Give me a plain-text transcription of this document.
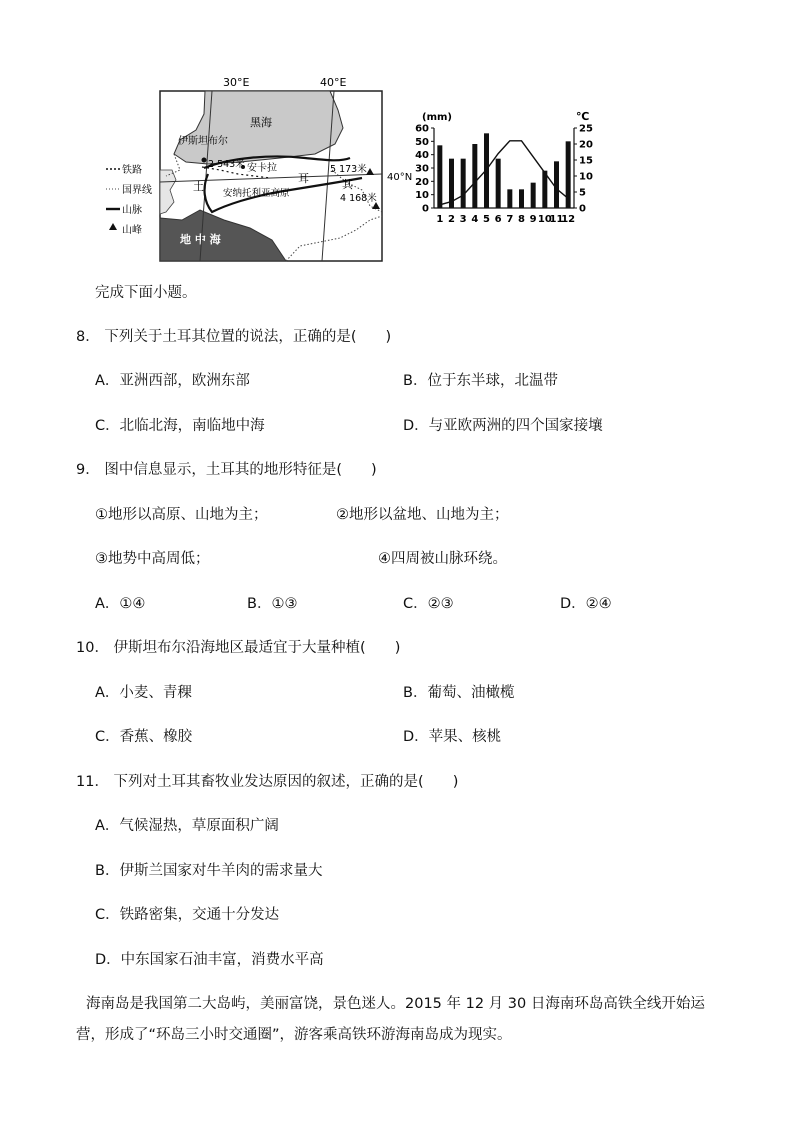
30°E	40°E
黑海
地 中 海
40°N
伊斯坦布尔
安卡拉
安纳托利亚高原
土
耳	其
2 543米	5 173米
4 168米
铁路
国界线
山脉
山峰
(mm)	℃
0
10
20
30
40
50
60
0
5
10
15
20
25
1 2 3 4 5 6 7 8 9 10
11
12
完成下面小题。
8． 下列关于土耳其位置的说法，正确的是(　　)
A．亚洲西部，欧洲东部	B．位于东半球，北温带
C．北临北海，南临地中海	D．与亚欧两洲的四个国家接壤
9． 图中信息显示，土耳其的地形特征是(　　)
①地形以高原、山地为主；	②地形以盆地、山地为主；
③地势中高周低；	④四周被山脉环绕。
A．①④	B．①③	C．②③	D．②④
10． 伊斯坦布尔沿海地区最适宜于大量种植(　　)
A．小麦、青稞	B．葡萄、油橄榄
C．香蕉、橡胶	D．苹果、核桃
11． 下列对土耳其畜牧业发达原因的叙述，正确的是(　　)
A．气候湿热，草原面积广阔
B．伊斯兰国家对牛羊肉的需求量大
C．铁路密集，交通十分发达
D．中东国家石油丰富，消费水平高
海南岛是我国第二大岛屿，美丽富饶，景色迷人。2015 年 12 月 30 日海南环岛高铁全线开始运
营，形成了“环岛三小时交通圈”，游客乘高铁环游海南岛成为现实。
